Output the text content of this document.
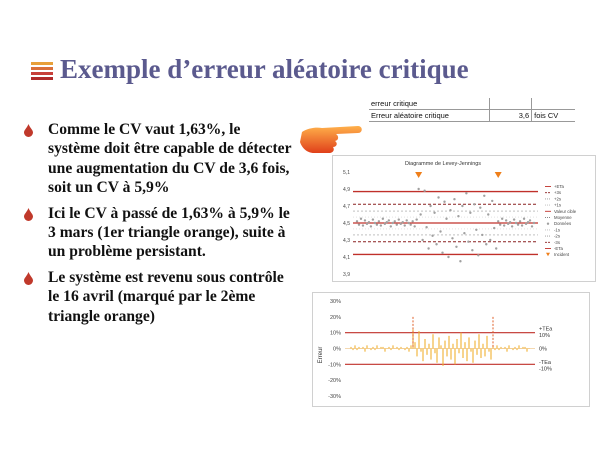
Exemple d’erreur aléatoire critique
Comme le CV vaut 1,63%, le système doit être capable de détecter une augmentation du CV de 3,6 fois, soit un CV à 5,9%
Ici le CV à passé de 1,63% à 5,9% le 3 mars (1er triangle orange), suite à un problème persistant.
Le système est revenu sous contrôle le 16 avril (marqué par le 2ème triangle orange)
erreur critique		
Erreur aléatoire critique	3,6	fois CV
Diagramme de Levey-Jennings
5,1
4,9
4,7
4,5
4,3
4,1
3,9
+ETa
+3s
+2s
+1s
Valeur cible
Moyenne
Données
-1s
-2s
-3s
-ETa
Incident
30%
20%
10%
0%
-10%
-20%
-30%
+TEa
10%
0%
-TEa
-10%
Erreur
